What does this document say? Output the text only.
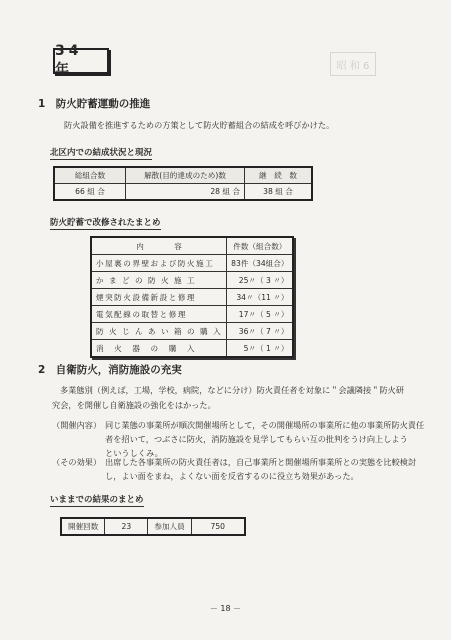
昭 和 6
34 年
1　防火貯蓄運動の推進
防火設備を推進するための方策として防火貯蓄組合の結成を呼びかけた。
北区内での結成状況と現況
総組合数	解散(目的達成のため)数	継　続　数
66 組 合	28 組 合	38 組 合
防火貯蓄で改修されたまとめ
内　　　　容	件数（組合数）
小屋裏の界壁および防火施工	83件（34組合）
か ま ど の 防 火 施 工	25〃（ 3 〃）
煙突防火設備新設と修理	34〃（11 〃）
電気配線の取替と修理	17〃（ 5 〃）
防 火 じ ん あ い 箱 の 購 入	36〃（ 7 〃）
消　火　器　の　購　入	5〃（ 1 〃）
2　自衛防火，消防施設の充実
多業態別（例えば，工場，学校，病院，などに分け）防火責任者を対象に＂会議隣接＂防火研
究会，を開催し自衛施設の強化をはかった。
（開催内容） 同じ業態の事業所が順次開催場所として，その開催場所の事業所に他の事業所防火責任
者を招いて，つぶさに防火，消防施設を見学してもらい互の批判をうけ向上しよう
というしくみ。
（その効果） 出席した各事業所の防火責任者は，自己事業所と開催場所事業所との実態を比較検討
し，よい面をまね，よくない面を反省するのに役立ち効果があった。
いままでの結果のまとめ
開催回数	23	参加人員	750
－ 18 －
